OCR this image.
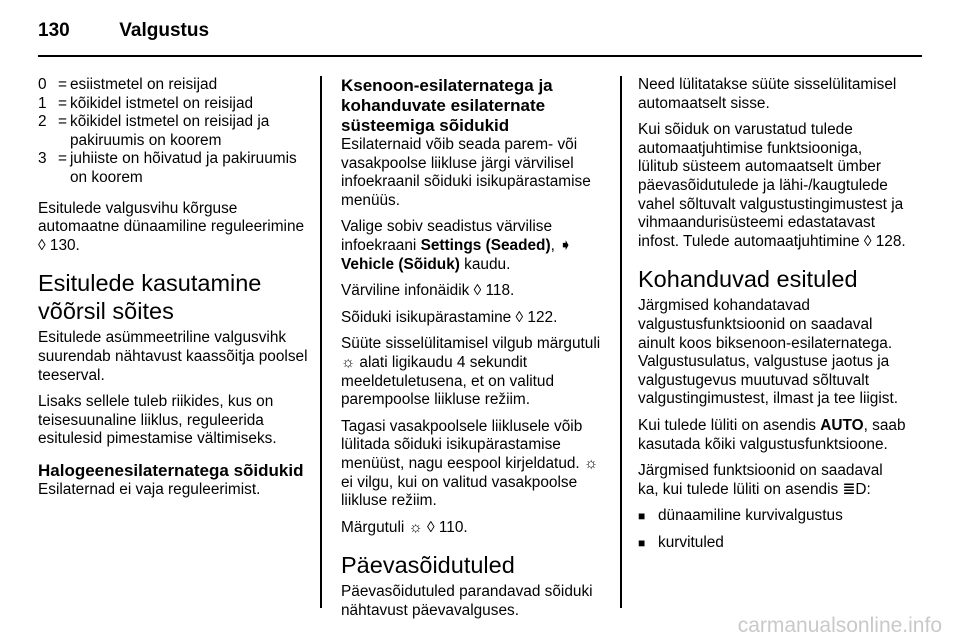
130	Valgustus
0 = esiistmetel on reisijad
1 = kõikidel istmetel on reisijad
2 = kõikidel istmetel on reisijad ja pakiruumis on koorem
3 = juhiiste on hõivatud ja pakiruumis on koorem

Esitulede valgusvihu kõrguse automaatne dünaamiline reguleerimine ◊ 130.

Esitulede kasutamine võõrsil sõites

Esitulede asümmeetriline valgusvihk suurendab nähtavust kaassõitja poolsel teeserval.

Lisaks sellele tuleb riikides, kus on teisesuunaline liiklus, reguleerida esitulesid pimestamise vältimiseks.

Halogeenesilaternatega sõidukid

Esilaternad ei vaja reguleerimist.

Ksenoon-esilaternatega ja kohanduvate esilaternate süsteemiga sõidukid

Esilaternaid võib seada parem- või vasakpoolse liikluse järgi värvilisel infoekraanil sõiduki isikupärastamise menüüs.

Valige sobiv seadistus värvilise infoekraani Settings (Seaded), ➧ Vehicle (Sõiduk) kaudu.

Värviline infonäidik ◊ 118.

Sõiduki isikupärastamine ◊ 122.

Süüte sisselülitamisel vilgub märgutuli ☼ alati ligikaudu 4 sekundit meeldetuletusena, et on valitud parempoolse liikluse režiim.

Tagasi vasakpoolsele liiklusele võib lülitada sõiduki isikupärastamise menüüst, nagu eespool kirjeldatud. ☼ ei vilgu, kui on valitud vasakpoolse liikluse režiim.

Märgutuli ☼ ◊ 110.

Päevasõidutuled

Päevasõidutuled parandavad sõiduki nähtavust päevavalguses.

Need lülitatakse süüte sisselülitamisel automaatselt sisse.

Kui sõiduk on varustatud tulede automaatjuhtimise funktsiooniga, lülitub süsteem automaatselt ümber päevasõidutulede ja lähi-/kaugtulede vahel sõltuvalt valgustustingimustest ja vihmaandurisüsteemi edastatavast infost. Tulede automaatjuhtimine ◊ 128.

Kohanduvad esituled

Järgmised kohandatavad valgustusfunktsioonid on saadaval ainult koos biksenoon-esilaternatega. Valgustusulatus, valgustuse jaotus ja valgustugevus muutuvad sõltuvalt valgustingimustest, ilmast ja tee liigist.

Kui tulede lüliti on asendis AUTO, saab kasutada kõiki valgustusfunktsioone.

Järgmised funktsioonid on saadaval ka, kui tulede lüliti on asendis ≣D:

■ dünaamiline kurvivalgustus
■ kurvituled
carmanualsonline.info
